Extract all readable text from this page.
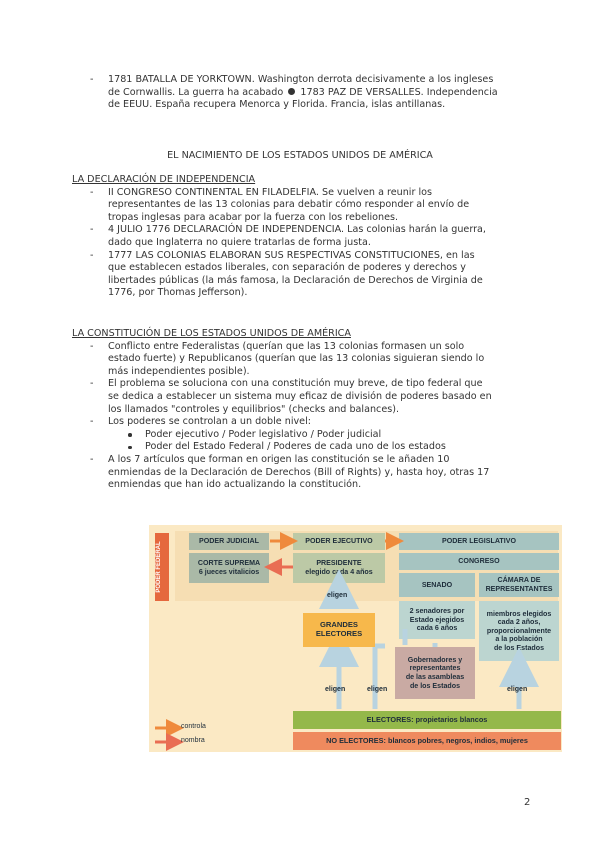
- 1781 BATALLA DE YORKTOWN. Washington derrota decisivamente a los ingleses
de Cornwallis. La guerra ha acabado 1783 PAZ DE VERSALLES. Independencia
de EEUU. España recupera Menorca y Florida. Francia, islas antillanas.
EL NACIMIENTO DE LOS ESTADOS UNIDOS DE AMÉRICA
LA DECLARACIÓN DE INDEPENDENCIA
- II CONGRESO CONTINENTAL EN FILADELFIA. Se vuelven a reunir los
representantes de las 13 colonias para debatir cómo responder al envío de
tropas inglesas para acabar por la fuerza con los rebeliones.
- 4 JULIO 1776 DECLARACIÓN DE INDEPENDENCIA. Las colonias harán la guerra,
dado que Inglaterra no quiere tratarlas de forma justa.
- 1777 LAS COLONIAS ELABORAN SUS RESPECTIVAS CONSTITUCIONES, en las
que establecen estados liberales, con separación de poderes y derechos y
libertades públicas (la más famosa, la Declaración de Derechos de Virginia de
1776, por Thomas Jefferson).
LA CONSTITUCIÓN DE LOS ESTADOS UNIDOS DE AMÉRICA
- Conflicto entre Federalistas (querían que las 13 colonias formasen un solo
estado fuerte) y Republicanos (querían que las 13 colonias siguieran siendo lo
más independientes posible).
- El problema se soluciona con una constitución muy breve, de tipo federal que
se dedica a establecer un sistema muy eficaz de división de poderes basado en
los llamados "controles y equilibrios" (checks and balances).
- Los poderes se controlan a un doble nivel:
Poder ejecutivo / Poder legislativo / Poder judicial
Poder del Estado Federal / Poderes de cada uno de los estados
- A los 7 artículos que forman en origen las constitución se le añaden 10
enmiendas de la Declaración de Derechos (Bill of Rights) y, hasta hoy, otras 17
enmiendas que han ido actualizando la constitución.
PODER FEDERAL
PODER JUDICIAL
CORTE SUPREMA
6 jueces vitalicios
PODER EJECUTIVO
PRESIDENTE
elegido cada 4 años
PODER LEGISLATIVO
CONGRESO
SENADO
CÁMARA DE
REPRESENTANTES
2 senadores por
Estado ejegidos
cada 6 años
miembros elegidos
cada 2 años,
proporcionalmente
a la población
de los Estados
eligen
GRANDES
ELECTORES
Gobernadores y
representantes
de las asambleas
de los Estados
eligen	eligen	eligen
ELECTORES: propietarios blancos
NO ELECTORES: blancos pobres, negros, indios, mujeres
controla
nombra
2
